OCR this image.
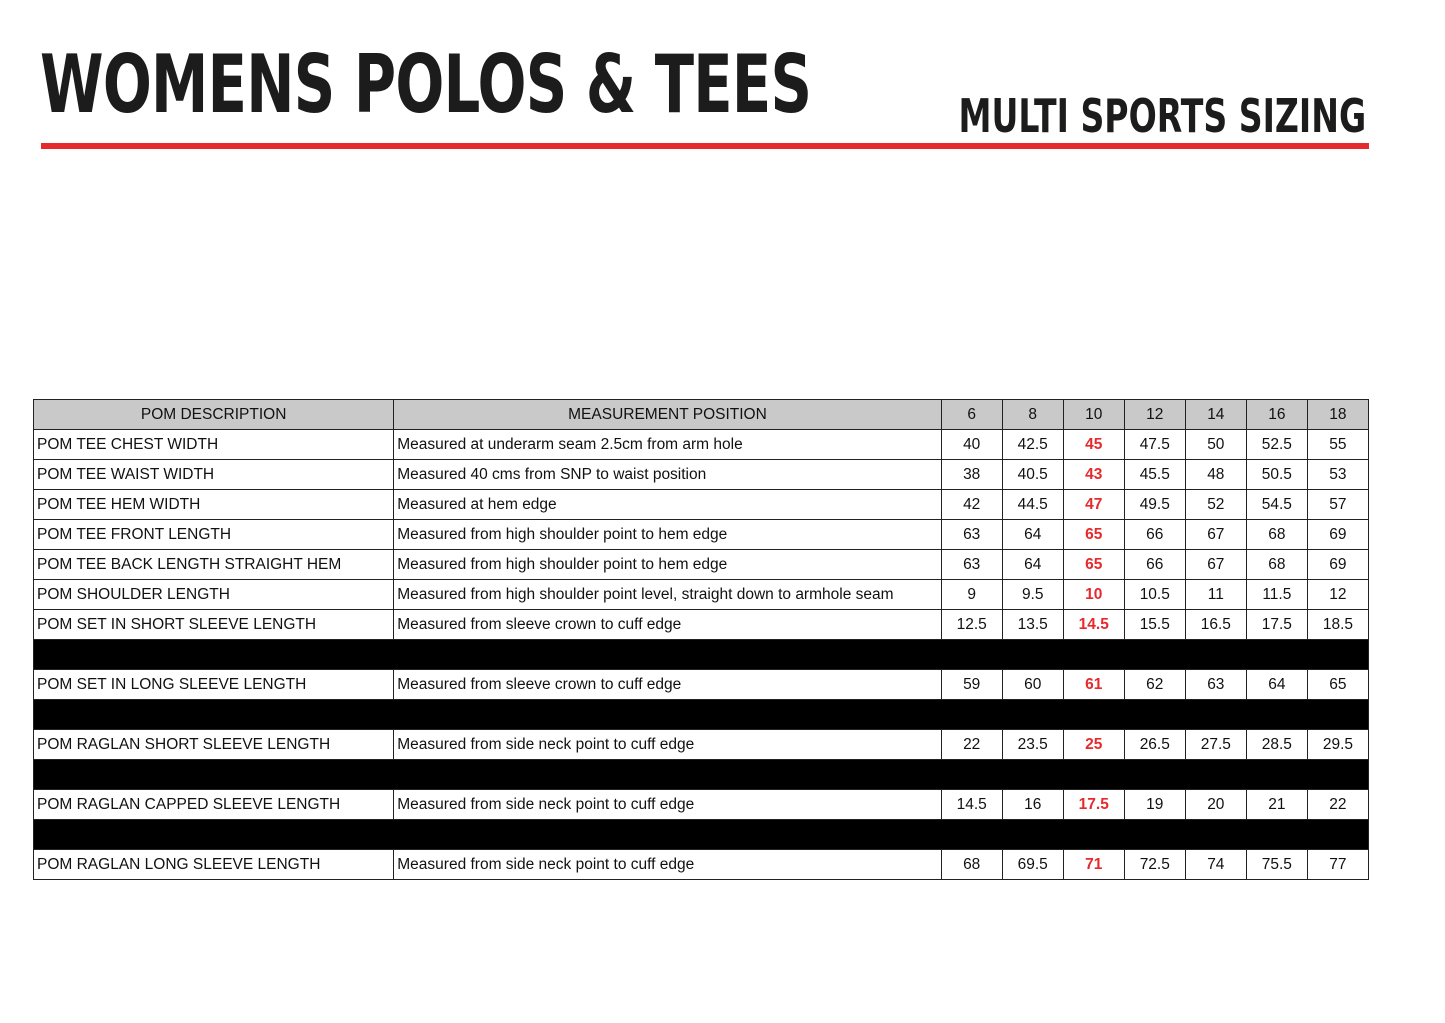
WOMENS POLOS & TEES	MULTI SPORTS SIZING
POM DESCRIPTION	MEASUREMENT POSITION	6	8	10	12	14	16	18
POM TEE CHEST WIDTH	Measured at underarm seam 2.5cm from arm hole	40	42.5	45	47.5	50	52.5	55
POM TEE WAIST WIDTH	Measured 40 cms from SNP to waist position	38	40.5	43	45.5	48	50.5	53
POM TEE HEM WIDTH	Measured at hem edge	42	44.5	47	49.5	52	54.5	57
POM TEE FRONT LENGTH	Measured from high shoulder point to hem edge	63	64	65	66	67	68	69
POM TEE BACK LENGTH STRAIGHT HEM	Measured from high shoulder point to hem edge	63	64	65	66	67	68	69
POM SHOULDER LENGTH	Measured from high shoulder point level, straight down to armhole seam	9	9.5	10	10.5	11	11.5	12
POM SET IN SHORT SLEEVE LENGTH	Measured from sleeve crown to cuff edge	12.5	13.5	14.5	15.5	16.5	17.5	18.5

POM SET IN LONG SLEEVE LENGTH	Measured from sleeve crown to cuff edge	59	60	61	62	63	64	65

POM RAGLAN SHORT SLEEVE LENGTH	Measured from side neck point to cuff edge	22	23.5	25	26.5	27.5	28.5	29.5

POM RAGLAN CAPPED SLEEVE LENGTH	Measured from side neck point to cuff edge	14.5	16	17.5	19	20	21	22

POM RAGLAN LONG SLEEVE LENGTH	Measured from side neck point to cuff edge	68	69.5	71	72.5	74	75.5	77
